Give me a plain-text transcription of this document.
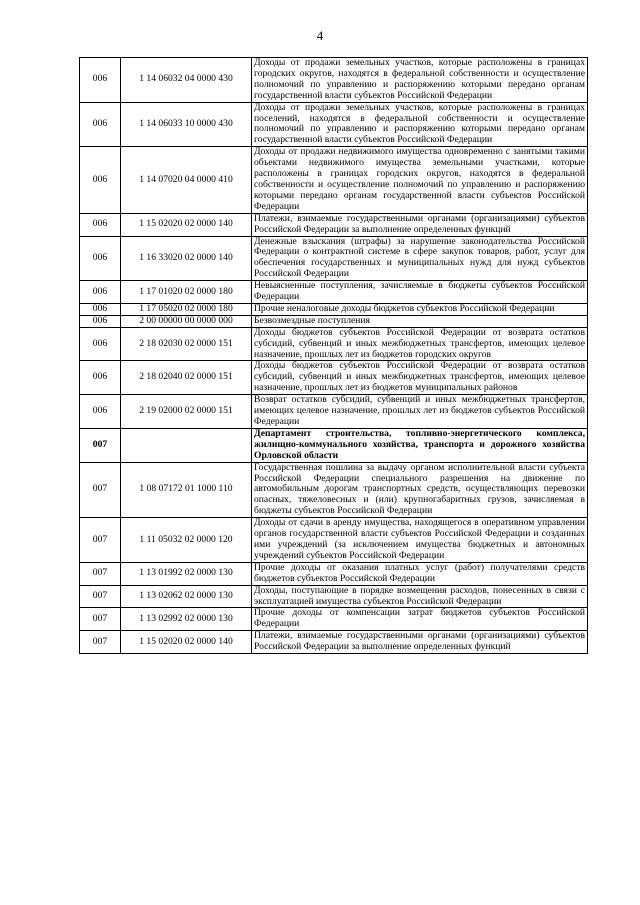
4
006	1 14 06032 04 0000 430	Доходы от продажи земельных участков, которые расположены в границах городских округов, находятся в федеральной собственности и осуществление полномочий по управлению и распоряжению которыми передано органам государственной власти субъектов Российской Федерации
006	1 14 06033 10 0000 430	Доходы от продажи земельных участков, которые расположены в границах поселений, находятся в федеральной собственности и осуществление полномочий по управлению и распоряжению которыми передано органам государственной власти субъектов Российской Федерации
006	1 14 07020 04 0000 410	Доходы от продажи недвижимого имущества одновременно с занятыми такими объектами недвижимого имущества земельными участками, которые расположены в границах городских округов, находятся в федеральной собственности и осуществление полномочий по управлению и распоряжению которыми передано органам государственной власти субъектов Российской Федерации
006	1 15 02020 02 0000 140	Платежи, взимаемые государственными органами (организациями) субъектов Российской Федерации за выполнение определенных функций
006	1 16 33020 02 0000 140	Денежные взыскания (штрафы) за нарушение законодательства Российской Федерации о контрактной системе в сфере закупок товаров, работ, услуг для обеспечения государственных и муниципальных нужд для нужд субъектов Российской Федерации
006	1 17 01020 02 0000 180	Невыясненные поступления, зачисляемые в бюджеты субъектов Российской Федерации
006	1 17 05020 02 0000 180	Прочие неналоговые доходы бюджетов субъектов Российской Федерации
006	2 00 00000 00 0000 000	Безвозмездные поступления
006	2 18 02030 02 0000 151	Доходы бюджетов субъектов Российской Федерации от возврата остатков субсидий, субвенций и иных межбюджетных трансфертов, имеющих целевое назначение, прошлых лет из бюджетов городских округов
006	2 18 02040 02 0000 151	Доходы бюджетов субъектов Российской Федерации от возврата остатков субсидий, субвенций и иных межбюджетных трансфертов, имеющих целевое назначение, прошлых лет из бюджетов муниципальных районов
006	2 19 02000 02 0000 151	Возврат остатков субсидий, субвенций и иных межбюджетных трансфертов, имеющих целевое назначение, прошлых лет из бюджетов субъектов Российской Федерации
007		Департамент строительства, топливно-энергетического комплекса, жилищно-коммунального хозяйства, транспорта и дорожного хозяйства Орловской области
007	1 08 07172 01 1000 110	Государственная пошлина за выдачу органом исполнительной власти субъекта Российской Федерации специального разрешения на движение по автомобильным дорогам транспортных средств, осуществляющих перевозки опасных, тяжеловесных и (или) крупногабаритных грузов, зачисляемая в бюджеты субъектов Российской Федерации
007	1 11 05032 02 0000 120	Доходы от сдачи в аренду имущества, находящегося в оперативном управлении органов государственной власти субъектов Российской Федерации и созданных ими учреждений (за исключением имущества бюджетных и автономных учреждений субъектов Российской Федерации
007	1 13 01992 02 0000 130	Прочие доходы от оказания платных услуг (работ) получателями средств бюджетов субъектов Российской Федерации
007	1 13 02062 02 0000 130	Доходы, поступающие в порядке возмещения расходов, понесенных в связи с эксплуатацией имущества субъектов Российской Федерации
007	1 13 02992 02 0000 130	Прочие доходы от компенсации затрат бюджетов субъектов Российской Федерации
007	1 15 02020 02 0000 140	Платежи, взимаемые государственными органами (организациями) субъектов Российской Федерации за выполнение определенных функций
